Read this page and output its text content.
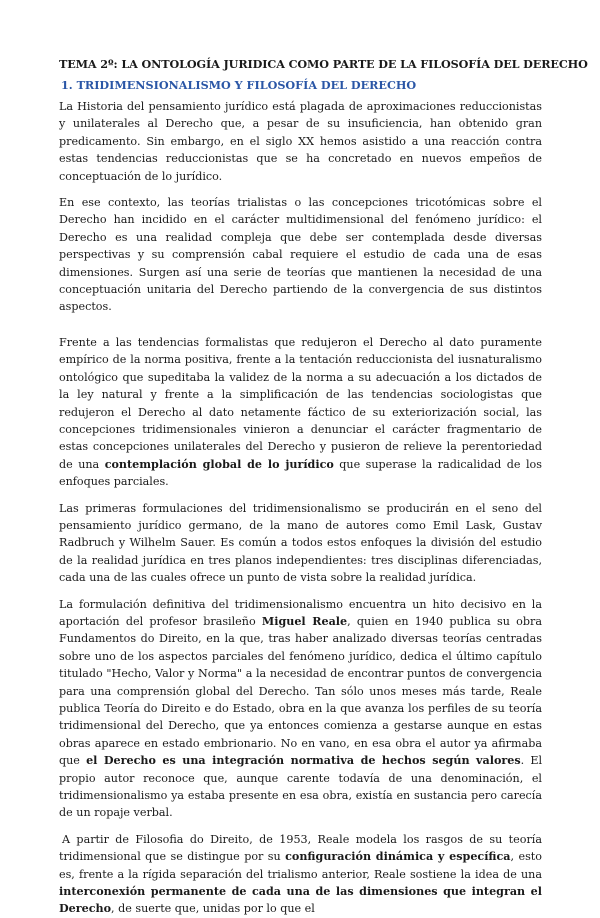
TEMA 2º: LA ONTOLOGÍA JURIDICA COMO PARTE DE LA FILOSOFÍA DEL DERECHO
1. TRIDIMENSIONALISMO Y FILOSOFÍA DEL DERECHO

La Historia del pensamiento jurídico está plagada de aproximaciones reduccionistas y unilaterales al Derecho que, a pesar de su insuficiencia, han obtenido gran predicamento. Sin embargo, en el siglo XX hemos asistido a una reacción contra estas tendencias reduccionistas que se ha concretado en nuevos empeños de conceptuación de lo jurídico.

En ese contexto, las teorías trialistas o las concepciones tricotómicas sobre el Derecho han incidido en el carácter multidimensional del fenómeno jurídico: el Derecho es una realidad compleja que debe ser contemplada desde diversas perspectivas y su comprensión cabal requiere el estudio de cada una de esas dimensiones. Surgen así una serie de teorías que mantienen la necesidad de una conceptuación unitaria del Derecho partiendo de la convergencia de sus distintos aspectos.

Frente a las tendencias formalistas que redujeron el Derecho al dato puramente empírico de la norma positiva, frente a la tentación reduccionista del iusnaturalismo ontológico que supeditaba la validez de la norma a su adecuación a los dictados de la ley natural y frente a la simplificación de las tendencias sociologistas que redujeron el Derecho al dato netamente fáctico de su exteriorización social, las concepciones tridimensionales vinieron a denunciar el carácter fragmentario de estas concepciones unilaterales del Derecho y pusieron de relieve la perentoriedad de una contemplación global de lo jurídico que superase la radicalidad de los enfoques parciales.

Las primeras formulaciones del tridimensionalismo se producirán en el seno del pensamiento jurídico germano, de la mano de autores como Emil Lask, Gustav Radbruch y Wilhelm Sauer. Es común a todos estos enfoques la división del estudio de la realidad jurídica en tres planos independientes: tres disciplinas diferenciadas, cada una de las cuales ofrece un punto de vista sobre la realidad jurídica.

La formulación definitiva del tridimensionalismo encuentra un hito decisivo en la aportación del profesor brasileño Miguel Reale, quien en 1940 publica su obra Fundamentos do Direito, en la que, tras haber analizado diversas teorías centradas sobre uno de los aspectos parciales del fenómeno jurídico, dedica el último capítulo titulado "Hecho, Valor y Norma" a la necesidad de encontrar puntos de convergencia para una comprensión global del Derecho. Tan sólo unos meses más tarde, Reale publica Teoría do Direito e do Estado, obra en la que avanza los perfiles de su teoría tridimensional del Derecho, que ya entonces comienza a gestarse aunque en estas obras aparece en estado embrionario. No en vano, en esa obra el autor ya afirmaba que el Derecho es una integración normativa de hechos según valores. El propio autor reconoce que, aunque carente todavía de una denominación, el tridimensionalismo ya estaba presente en esa obra, existía en sustancia pero carecía de un ropaje verbal.

A partir de Filosofia do Direito, de 1953, Reale modela los rasgos de su teoría tridimensional que se distingue por su configuración dinámica y específica, esto es, frente a la rígida separación del trialismo anterior, Reale sostiene la idea de una interconexión permanente de cada una de las dimensiones que integran el Derecho, de suerte que, unidas por lo que el
